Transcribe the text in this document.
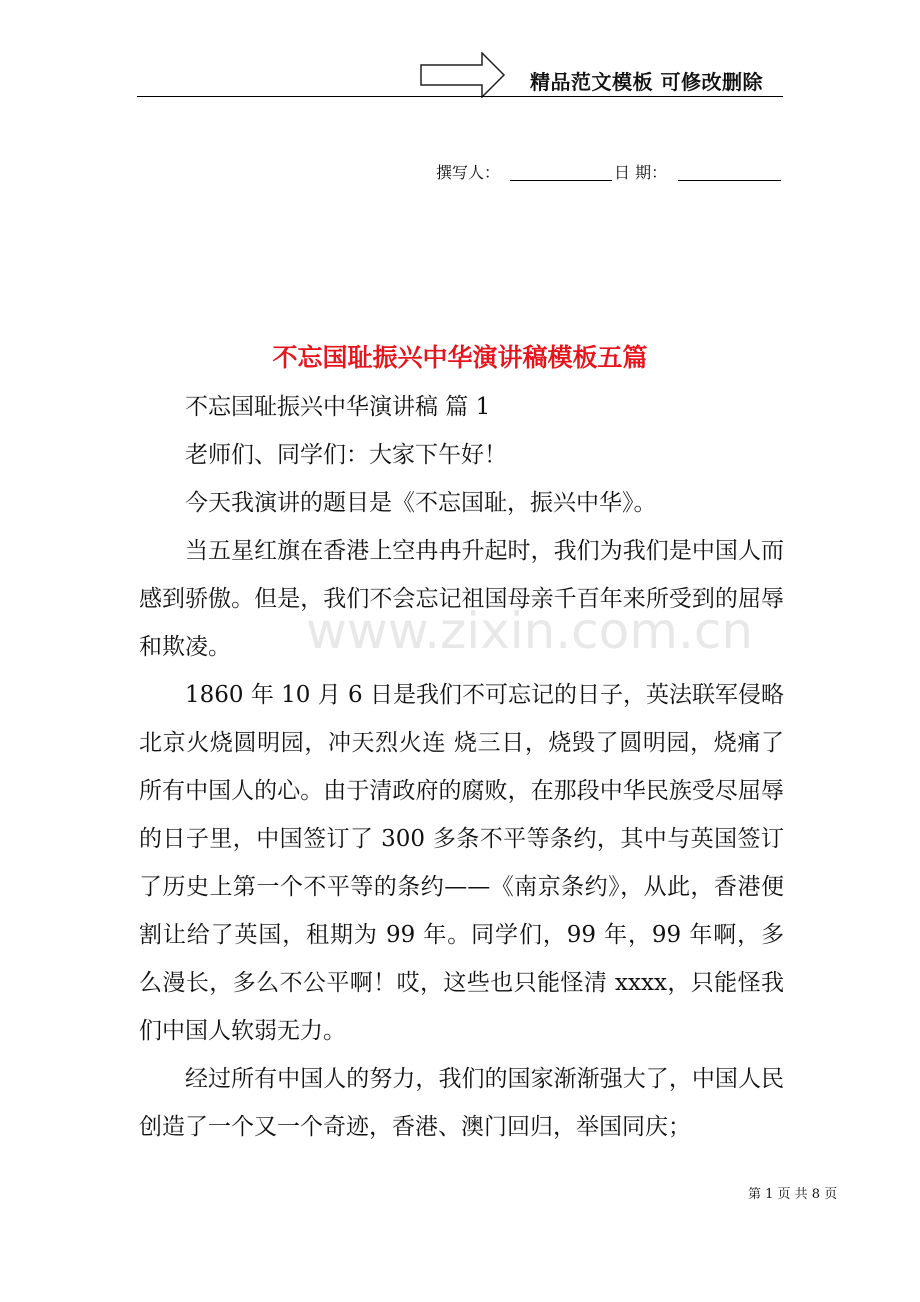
精品范文模板 可修改删除
撰写人：	日 期：
不忘国耻振兴中华演讲稿模板五篇
www.zixin.com.cn

不忘国耻振兴中华演讲稿 篇 1

老师们、同学们：大家下午好！

今天我演讲的题目是《不忘国耻，振兴中华》。

当五星红旗在香港上空冉冉升起时，我们为我们是中国人而感到骄傲。但是，我们不会忘记祖国母亲千百年来所受到的屈辱和欺凌。

1860 年 10 月 6 日是我们不可忘记的日子，英法联军侵略北京火烧圆明园，冲天烈火连 烧三日，烧毁了圆明园，烧痛了所有中国人的心。由于清政府的腐败，在那段中华民族受尽屈辱的日子里，中国签订了 300 多条不平等条约，其中与英国签订了历史上第一个不平等的条约——《南京条约》，从此，香港便割让给了英国，租期为 99 年。同学们，99 年，99 年啊，多么漫长，多么不公平啊！哎，这些也只能怪清 xxxx，只能怪我们中国人软弱无力。

经过所有中国人的努力，我们的国家渐渐强大了，中国人民创造了一个又一个奇迹，香港、澳门回归，举国同庆；

第 1 页 共 8 页
